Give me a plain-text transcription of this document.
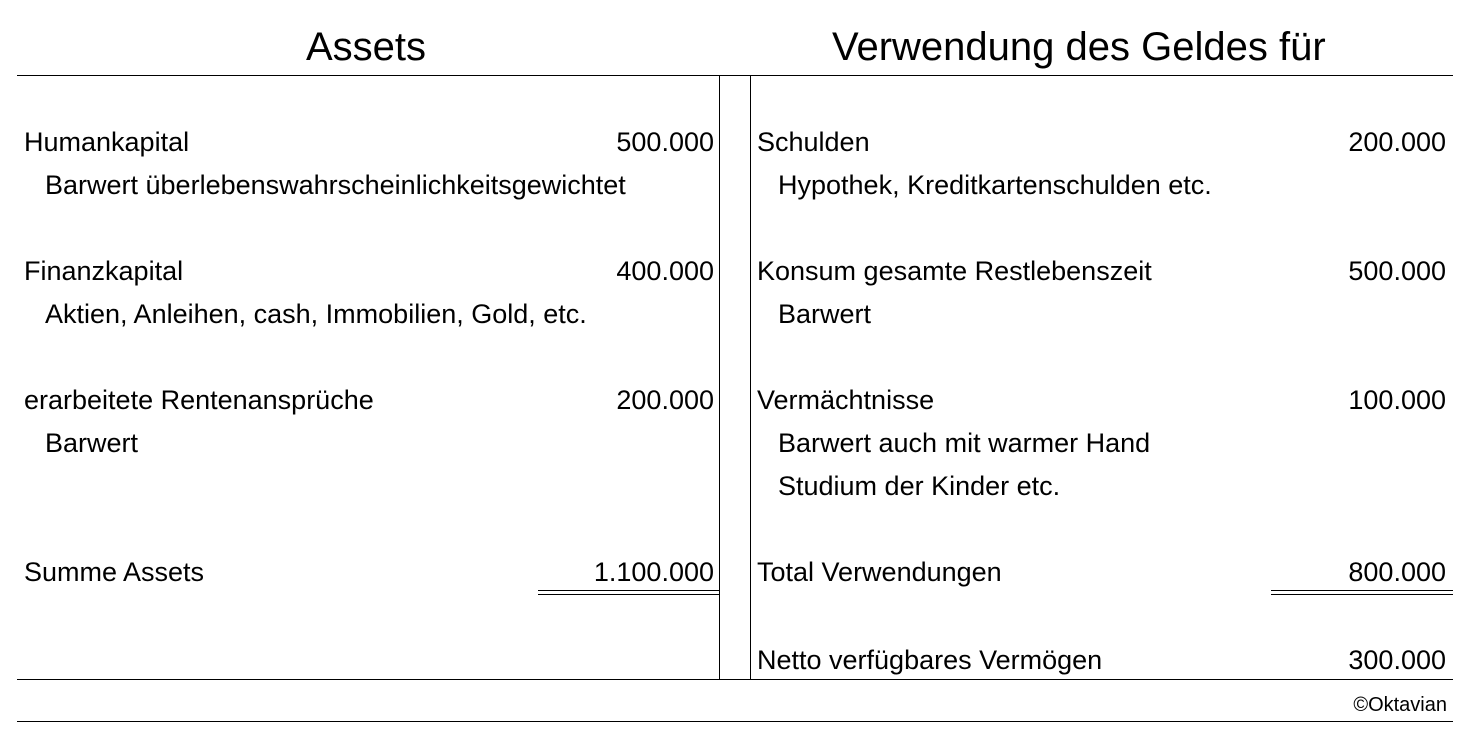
Assets	Verwendung des Geldes für
Humankapital	500.000
Barwert überlebenswahrscheinlichkeitsgewichtet
Finanzkapital	400.000
Aktien, Anleihen, cash, Immobilien, Gold, etc.
erarbeitete Rentenansprüche	200.000
Barwert
Summe Assets	1.100.000
Schulden	200.000
Hypothek, Kreditkartenschulden etc.
Konsum gesamte Restlebenszeit	500.000
Barwert
Vermächtnisse	100.000
Barwert auch mit warmer Hand
Studium der Kinder etc.
Total Verwendungen	800.000
Netto verfügbares Vermögen	300.000
©Oktavian
